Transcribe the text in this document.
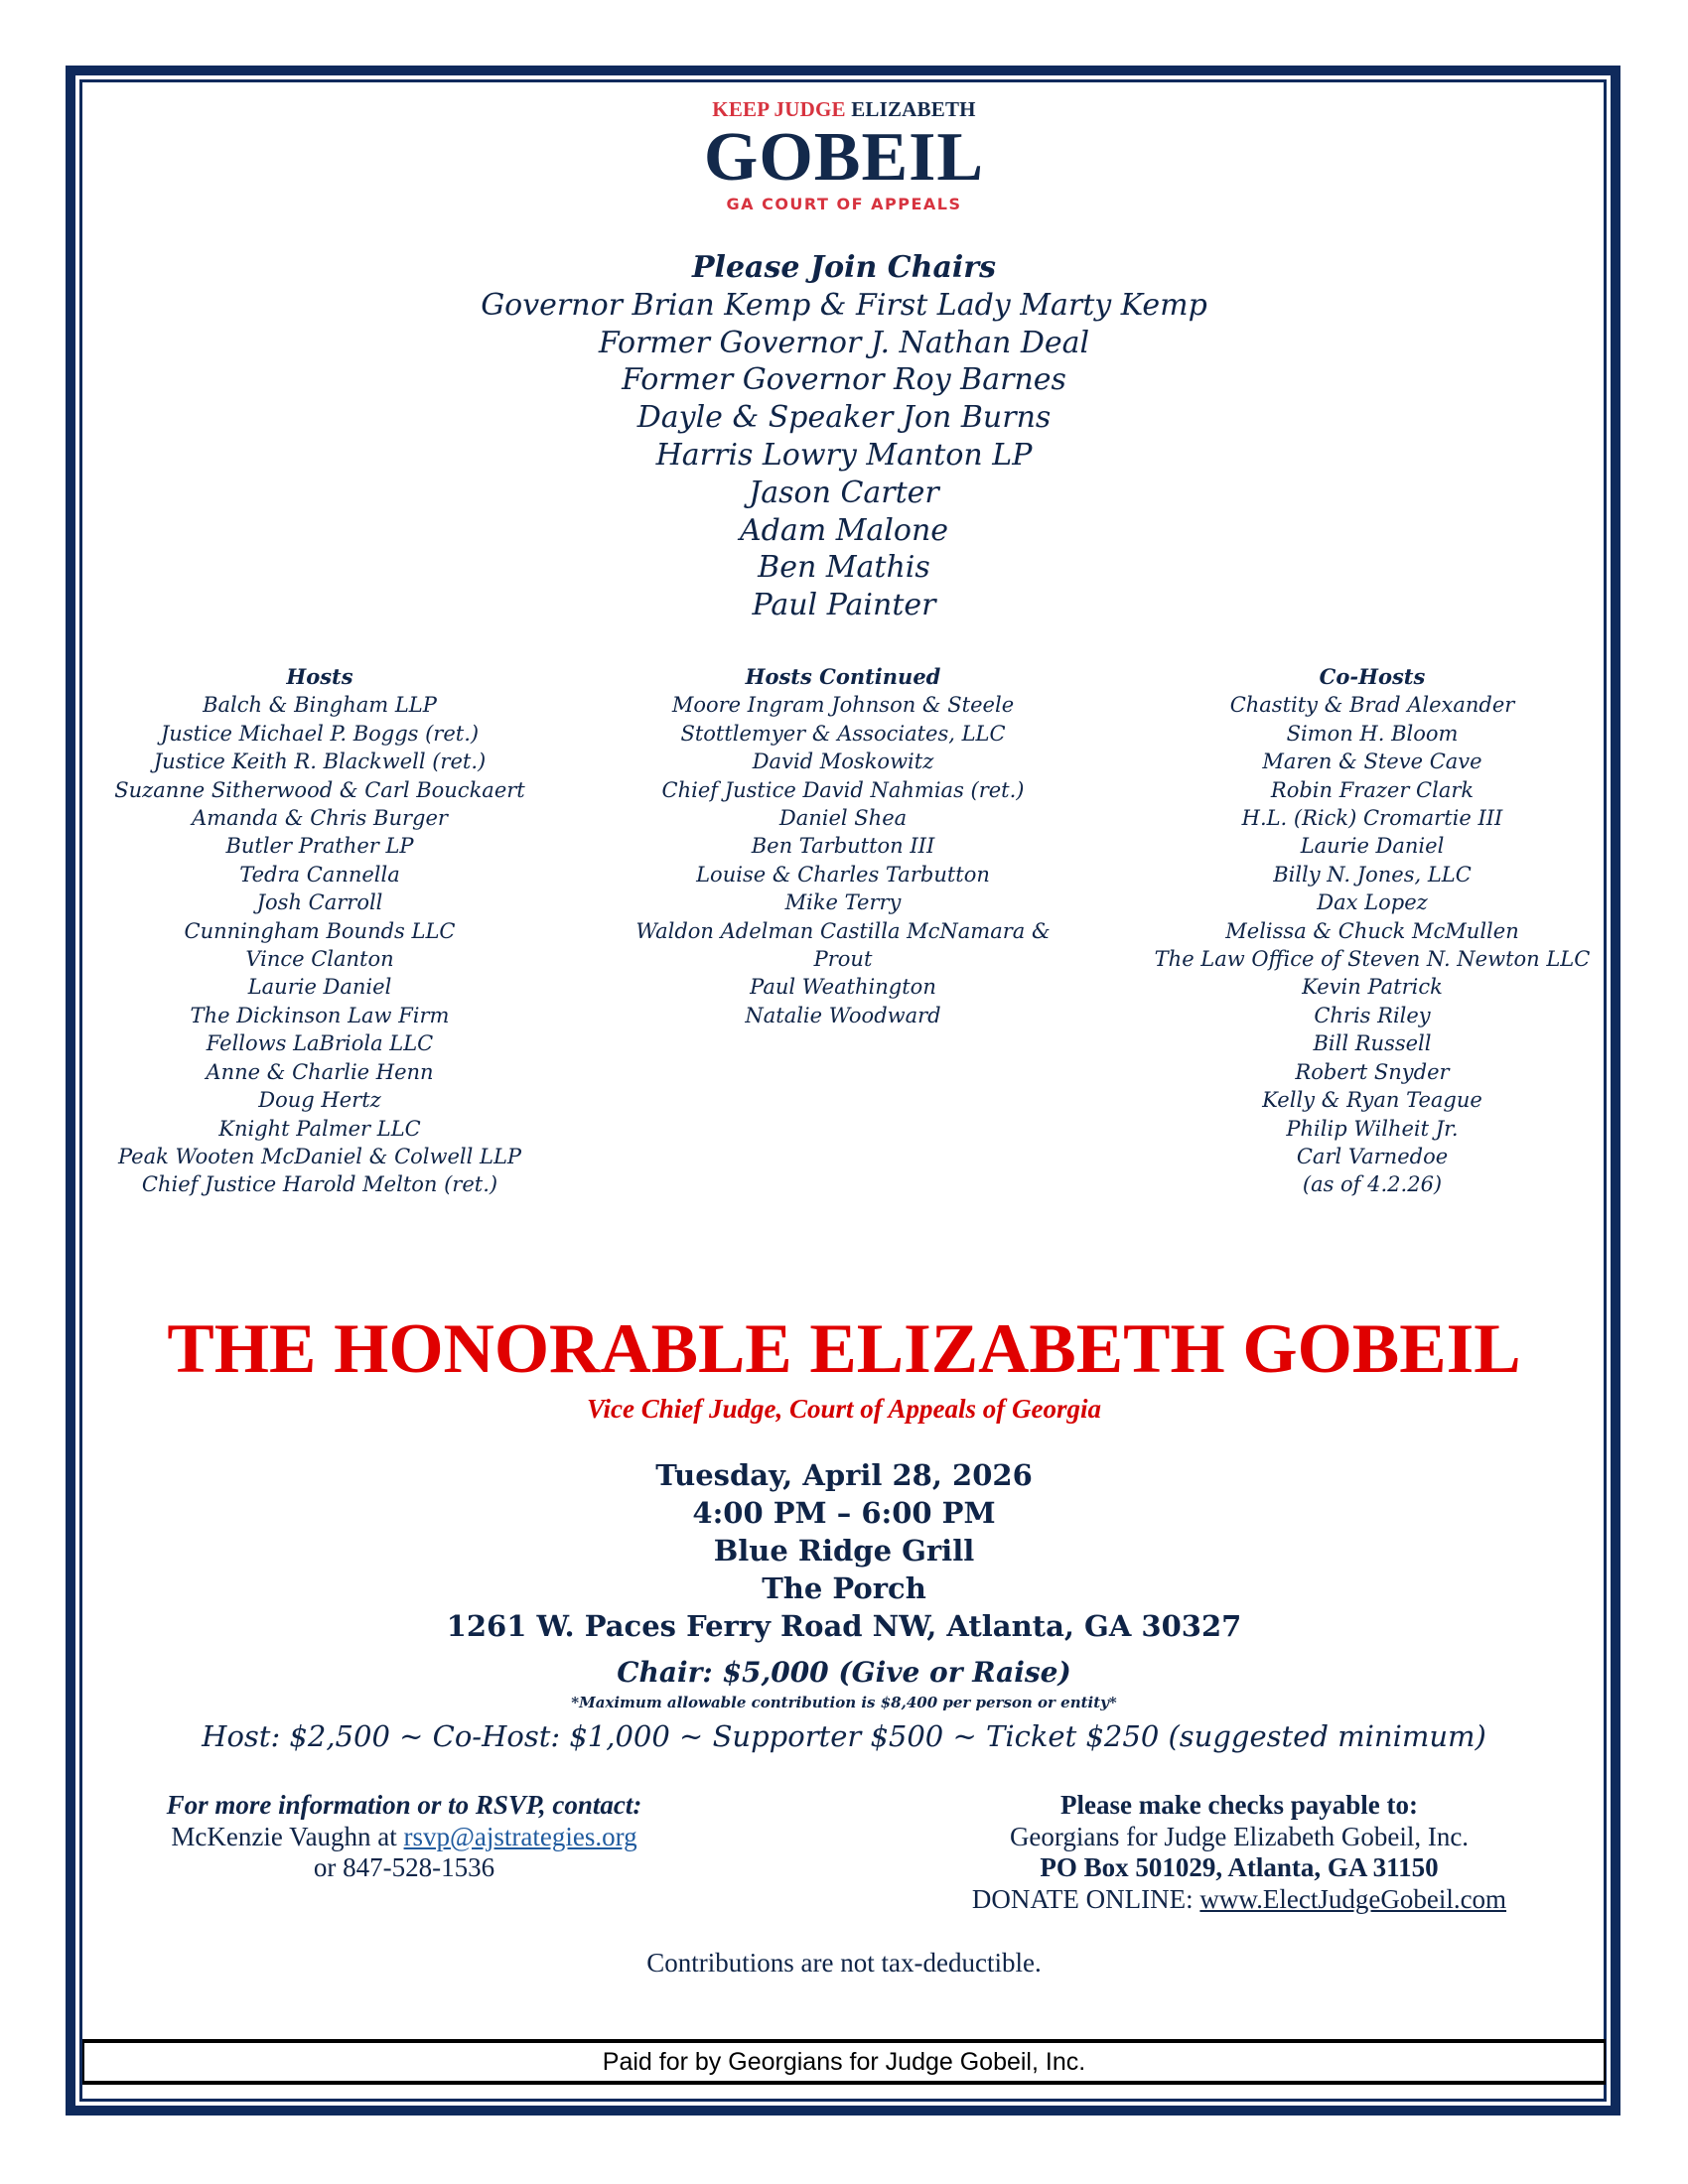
KEEP JUDGE ELIZABETH
GOBEIL
GA COURT OF APPEALS
Please Join Chairs
Governor Brian Kemp & First Lady Marty Kemp
Former Governor J. Nathan Deal
Former Governor Roy Barnes
Dayle & Speaker Jon Burns
Harris Lowry Manton LP
Jason Carter
Adam Malone
Ben Mathis
Paul Painter
Hosts
Balch & Bingham LLP
Justice Michael P. Boggs (ret.)
Justice Keith R. Blackwell (ret.)
Suzanne Sitherwood & Carl Bouckaert
Amanda & Chris Burger
Butler Prather LP
Tedra Cannella
Josh Carroll
Cunningham Bounds LLC
Vince Clanton
Laurie Daniel
The Dickinson Law Firm
Fellows LaBriola LLC
Anne & Charlie Henn
Doug Hertz
Knight Palmer LLC
Peak Wooten McDaniel & Colwell LLP
Chief Justice Harold Melton (ret.)
Hosts Continued
Moore Ingram Johnson & Steele
Stottlemyer & Associates, LLC
David Moskowitz
Chief Justice David Nahmias (ret.)
Daniel Shea
Ben Tarbutton III
Louise & Charles Tarbutton
Mike Terry
Waldon Adelman Castilla McNamara & Prout
Paul Weathington
Natalie Woodward
Co-Hosts
Chastity & Brad Alexander
Simon H. Bloom
Maren & Steve Cave
Robin Frazer Clark
H.L. (Rick) Cromartie III
Laurie Daniel
Billy N. Jones, LLC
Dax Lopez
Melissa & Chuck McMullen
The Law Office of Steven N. Newton LLC
Kevin Patrick
Chris Riley
Bill Russell
Robert Snyder
Kelly & Ryan Teague
Philip Wilheit Jr.
Carl Varnedoe
(as of 4.2.26)
THE HONORABLE ELIZABETH GOBEIL
Vice Chief Judge, Court of Appeals of Georgia
Tuesday, April 28, 2026
4:00 PM – 6:00 PM
Blue Ridge Grill
The Porch
1261 W. Paces Ferry Road NW, Atlanta, GA 30327
Chair: $5,000 (Give or Raise)
*Maximum allowable contribution is $8,400 per person or entity*
Host: $2,500 ~ Co-Host: $1,000 ~ Supporter $500 ~ Ticket $250 (suggested minimum)
For more information or to RSVP, contact:
McKenzie Vaughn at rsvp@ajstrategies.org
or 847-528-1536
Please make checks payable to:
Georgians for Judge Elizabeth Gobeil, Inc.
PO Box 501029, Atlanta, GA 31150
DONATE ONLINE: www.ElectJudgeGobeil.com
Contributions are not tax-deductible.
Paid for by Georgians for Judge Gobeil, Inc.
